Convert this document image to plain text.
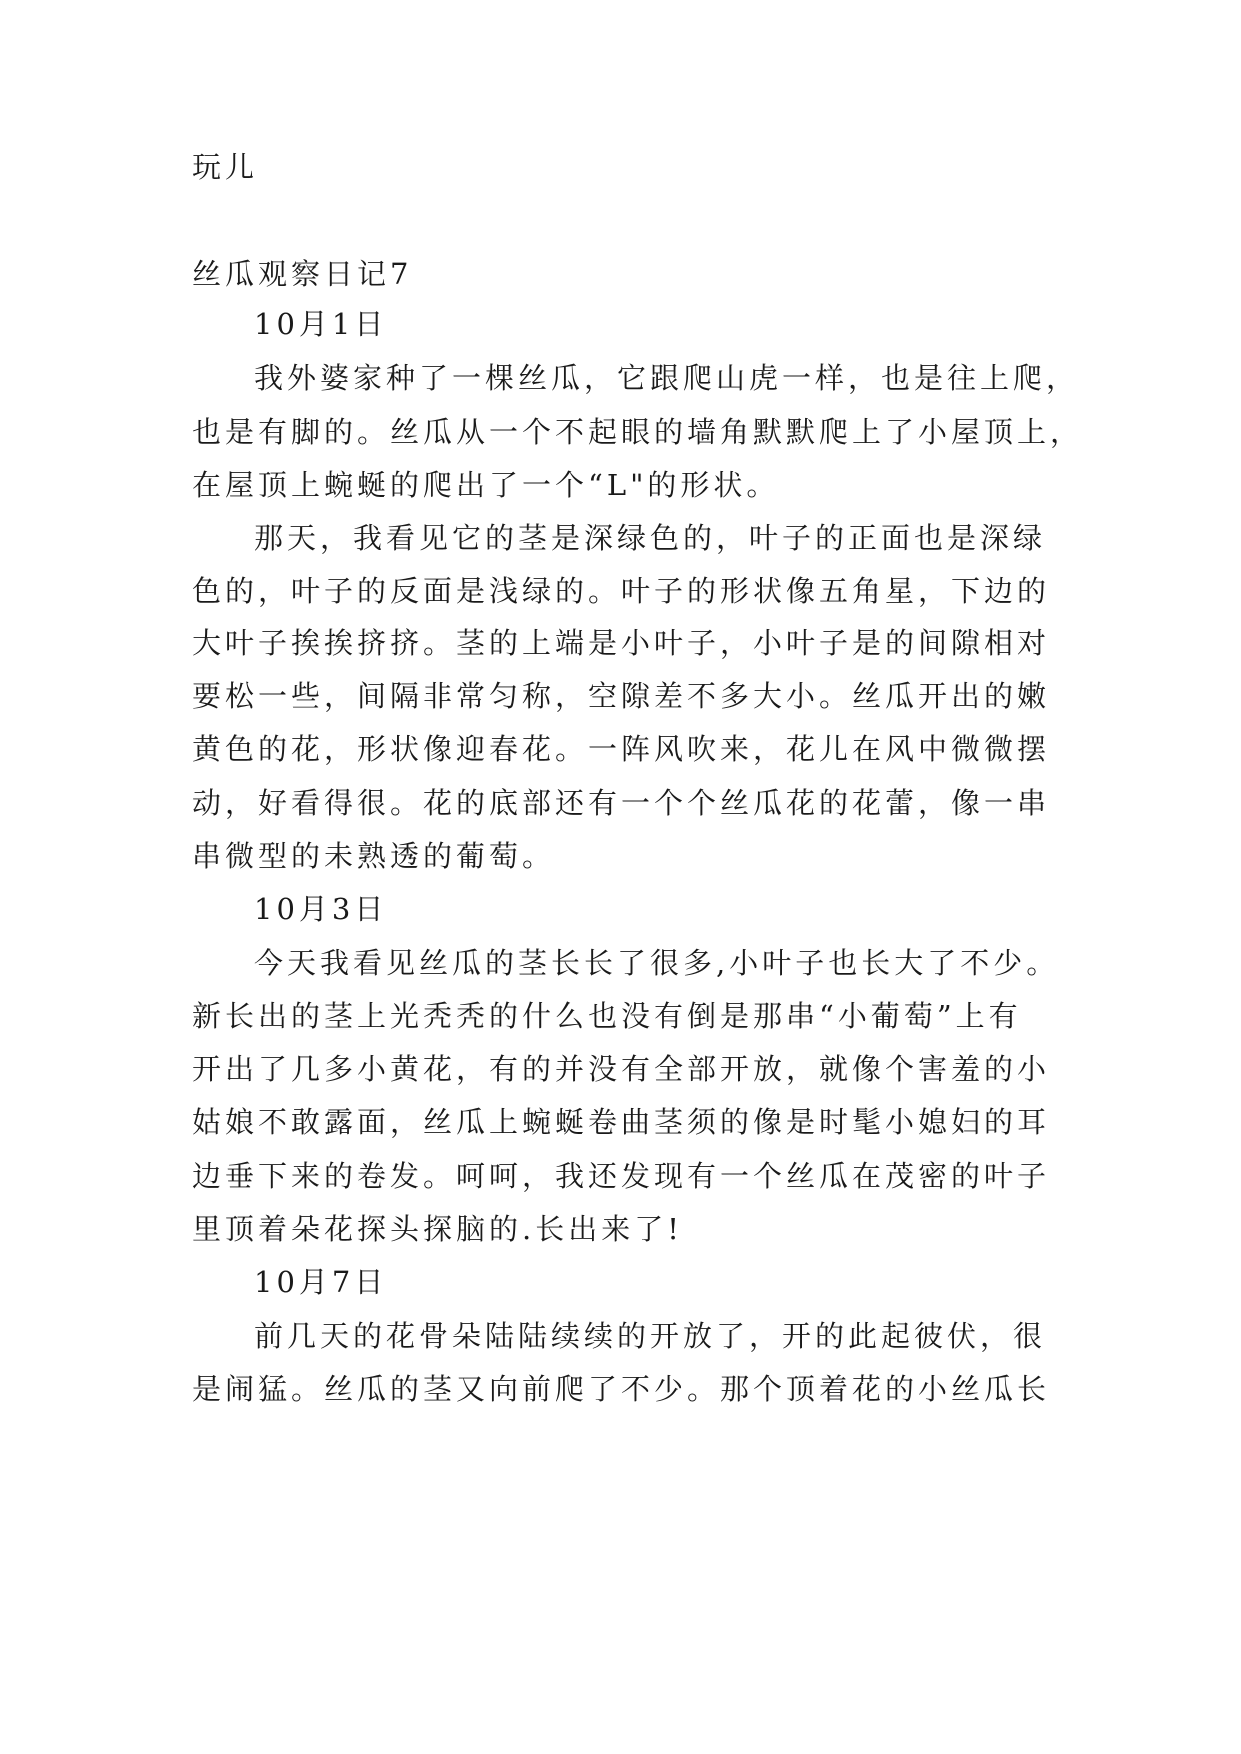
玩儿

丝瓜观察日记7

10月1日

我外婆家种了一棵丝瓜，它跟爬山虎一样，也是往上爬，

也是有脚的。丝瓜从一个不起眼的墙角默默爬上了小屋顶上，

在屋顶上蜿蜒的爬出了一个“L"的形状。

那天，我看见它的茎是深绿色的，叶子的正面也是深绿

色的，叶子的反面是浅绿的。叶子的形状像五角星，下边的

大叶子挨挨挤挤。茎的上端是小叶子，小叶子是的间隙相对

要松一些，间隔非常匀称，空隙差不多大小。丝瓜开出的嫩

黄色的花，形状像迎春花。一阵风吹来，花儿在风中微微摆

动，好看得很。花的底部还有一个个丝瓜花的花蕾，像一串

串微型的未熟透的葡萄。

10月3日

今天我看见丝瓜的茎长长了很多,小叶子也长大了不少。

新长出的茎上光秃秃的什么也没有倒是那串“小葡萄”上有

开出了几多小黄花，有的并没有全部开放，就像个害羞的小

姑娘不敢露面，丝瓜上蜿蜒卷曲茎须的像是时髦小媳妇的耳

边垂下来的卷发。呵呵，我还发现有一个丝瓜在茂密的叶子

里顶着朵花探头探脑的.长出来了!

10月7日

前几天的花骨朵陆陆续续的开放了，开的此起彼伏，很

是闹猛。丝瓜的茎又向前爬了不少。那个顶着花的小丝瓜长
